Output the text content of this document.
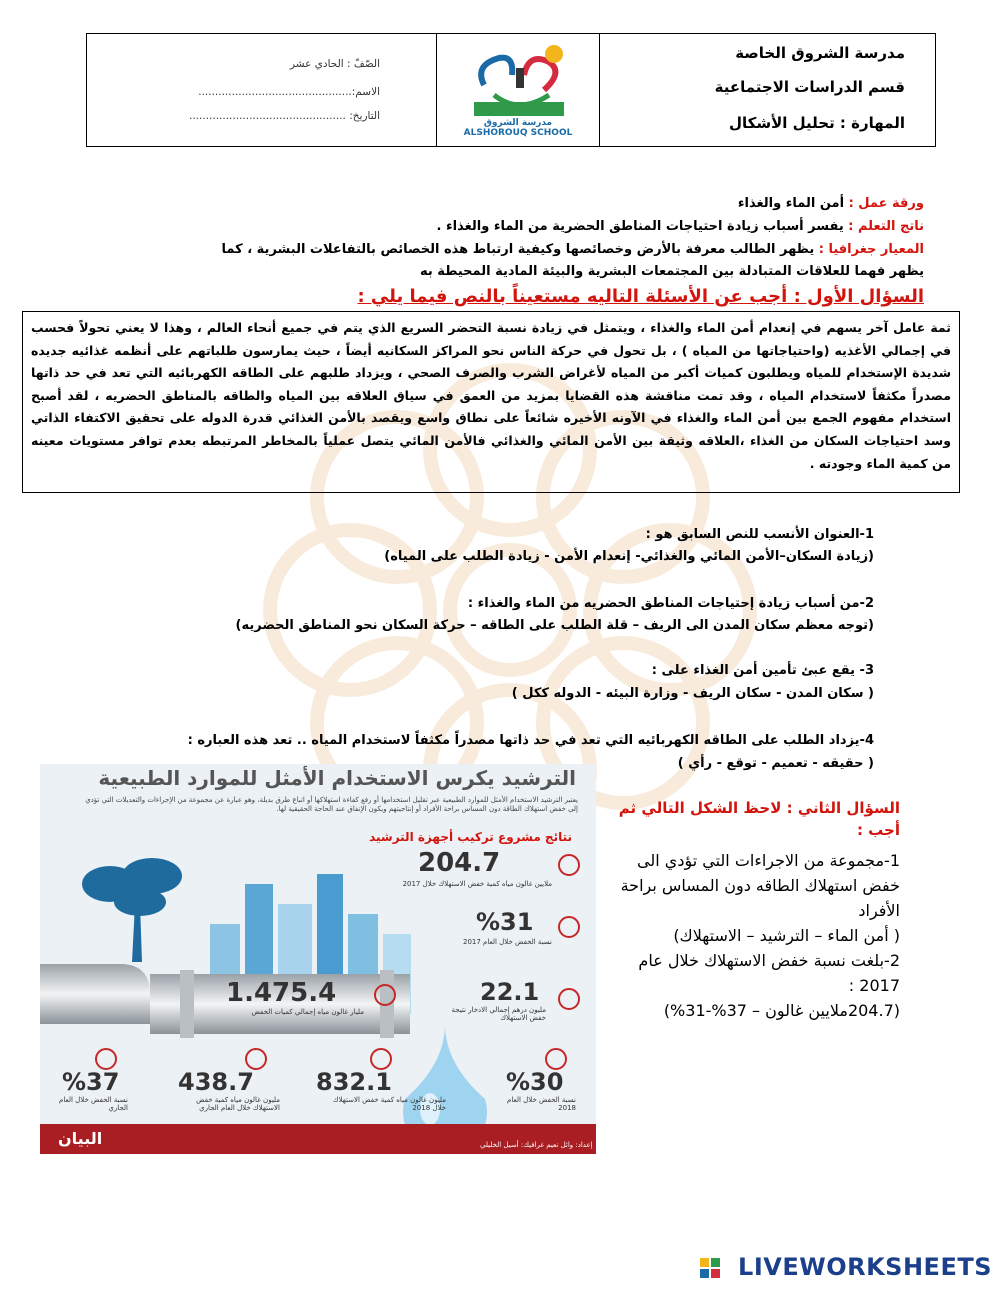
مدرسة الشروق الخاصة
قسم الدراسات الاجتماعية
المهارة : تحليل الأشكال
مدرسة الشروق
ALSHOROUQ SCHOOL
الصّفّ : الحادي عشر
الاسم:..............................................
التاريخ: ...............................................
ورقة عمل : أمن الماء والغذاء
ناتج التعلم : يفسر أسباب زيادة احتياجات المناطق الحضرية من الماء والغذاء .
المعيار جغرافيا : يظهر الطالب معرفة بالأرض وخصائصها وكيفية ارتباط هذه الخصائص بالتفاعلات البشرية ، كما
يظهر فهما للعلاقات المتبادلة بين المجتمعات البشرية والبيئة المادية المحيطة به
السؤال الأول : أجب عن الأسئلة التاليه مستعيناً بالنص فيما يلي :

ثمة عامل آخر يسهم في إنعدام أمن الماء والغذاء ، ويتمثل في زيادة نسبة التحضر السريع الذي يتم في جميع أنحاء العالم ، وهذا لا يعني تحولاً فحسب في إجمالي الأغذيه (واحتياجاتها من المياه ) ، بل تحول في حركة الناس نحو المراكز السكانيه أيضاً ، حيث يمارسون طلباتهم على أنظمه غذائيه جديده شديدة الإستخدام للمياه ويطلبون كميات أكبر من المياه لأغراض الشرب والصرف الصحي ، ويزداد طلبهم على الطاقه الكهربائيه التي تعد في حد ذاتها مصدراً مكثفاً لاستخدام المياه ، وقد تمت مناقشة هذه القضايا بمزيد من العمق في سياق العلاقه بين المياه والطاقه بالمناطق الحضريه ، لقد أصبح استخدام مفهوم الجمع بين أمن الماء والغذاء في الآونه الأخيره شائعاً على نطاق واسع ويقصد بالأمن الغذائي قدرة الدوله على تحقيق الاكتفاء الذاتي وسد احتياجات السكان من الغذاء ،العلاقه وثيقة بين الأمن المائي والغذائي فالأمن المائي يتصل عملياً بالمخاطر المرتبطه بعدم توافر مستويات معينه من كمية الماء وجودته .

1-العنوان الأنسب للنص السابق هو :
(زيادة السكان–الأمن المائي والغذائي- إنعدام الأمن - زيادة الطلب على المياه)
2-من أسباب زيادة إحتياجات المناطق الحضريه من الماء والغذاء :
(توجه معظم سكان المدن الى الريف – قلة الطلب على الطاقه – حركة السكان نحو المناطق الحضريه)
3- يقع عبئ تأمين أمن الغذاء على :
( سكان المدن - سكان الريف - وزارة البيئه - الدوله ككل )
4-يزداد الطلب على الطاقه الكهربائيه التي تعد في حد ذاتها مصدراً مكثفاً لاستخدام المياه .. تعد هذه العباره :
( حقيقه - تعميم - توقع - رأي )
الترشيد يكرس الاستخدام الأمثل للموارد الطبيعية
يعتبر الترشيد الاستخدام الأمثل للموارد الطبيعية عبر تقليل استخدامها أو رفع كفاءة استهلاكها أو اتباع طرق بديلة، وهو عبارة عن مجموعة من الإجراءات والتعديلات التي تؤدي إلى خفض استهلاك الطاقة دون المساس براحة الأفراد أو إنتاجيتهم ويكون الإنفاق عند الحاجة الحقيقية لها.
نتائج مشروع تركيب أجهزة الترشيد
204.7
ملايين غالون مياه كمية خفض الاستهلاك خلال 2017
%31
نسبة الخفض خلال العام 2017
1.475.4
مليار غالون مياه إجمالي كميات الخفض
22.1
مليون درهم إجمالي الادخار نتيجة خفض الاستهلاك
%37
نسبة الخفض خلال العام الجاري
438.7
مليون غالون مياه كمية خفض الاستهلاك خلال العام الجاري
832.1
مليون غالون مياه كمية خفض الاستهلاك خلال 2018
%30
نسبة الخفض خلال العام 2018
البيان	إعداد: وائل نعيم غرافيك: أسيل الخليلي
السؤال الثاني : لاحظ الشكل التالي ثم أجب :
1-مجموعة من الاجراءات التي تؤدي الى خفض استهلاك الطاقه دون المساس براحة الأفراد
( أمن الماء – الترشيد – الاستهلاك)
2-بلغت نسبة خفض الاستهلاك خلال عام 2017 :
(204.7ملايين غالون – 37%-31%)
LIVEWORKSHEETS
